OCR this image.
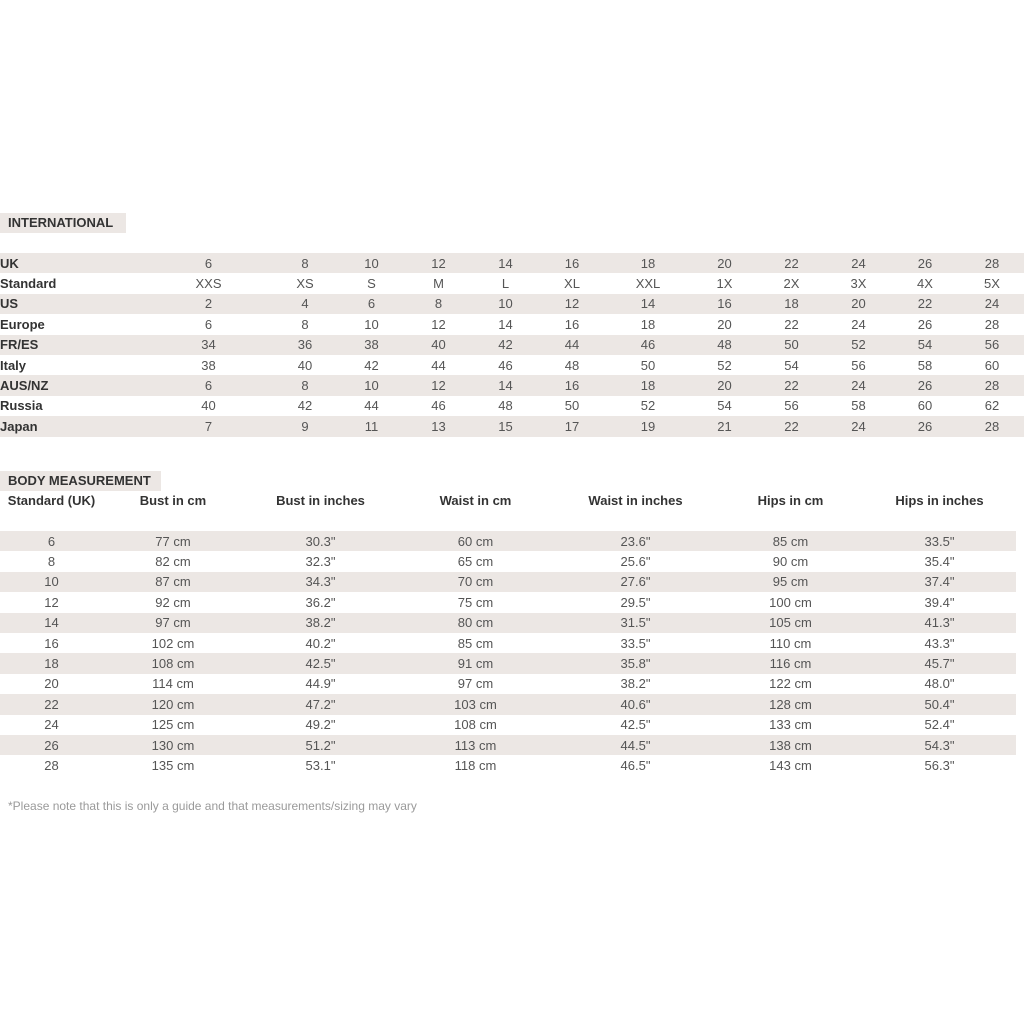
INTERNATIONAL
UK	6	8	10	12	14	16	18	20	22	24	26	28
Standard	XXS	XS	S	M	L	XL	XXL	1X	2X	3X	4X	5X
US	2	4	6	8	10	12	14	16	18	20	22	24
Europe	6	8	10	12	14	16	18	20	22	24	26	28
FR/ES	34	36	38	40	42	44	46	48	50	52	54	56
Italy	38	40	42	44	46	48	50	52	54	56	58	60
AUS/NZ	6	8	10	12	14	16	18	20	22	24	26	28
Russia	40	42	44	46	48	50	52	54	56	58	60	62
Japan	7	9	11	13	15	17	19	21	22	24	26	28
BODY MEASUREMENT
Standard (UK)	Bust in cm	Bust in inches	Waist in cm	Waist in inches	Hips in cm	Hips in inches
6	77 cm	30.3"	60 cm	23.6"	85 cm	33.5"
8	82 cm	32.3"	65 cm	25.6"	90 cm	35.4"
10	87 cm	34.3"	70 cm	27.6"	95 cm	37.4"
12	92 cm	36.2"	75 cm	29.5"	100 cm	39.4"
14	97 cm	38.2"	80 cm	31.5"	105 cm	41.3"
16	102 cm	40.2"	85 cm	33.5"	110 cm	43.3"
18	108 cm	42.5"	91 cm	35.8"	116 cm	45.7"
20	114 cm	44.9"	97 cm	38.2"	122 cm	48.0"
22	120 cm	47.2"	103 cm	40.6"	128 cm	50.4"
24	125 cm	49.2"	108 cm	42.5"	133 cm	52.4"
26	130 cm	51.2"	113 cm	44.5"	138 cm	54.3"
28	135 cm	53.1"	118 cm	46.5"	143 cm	56.3"
*Please note that this is only a guide and that measurements/sizing may vary
